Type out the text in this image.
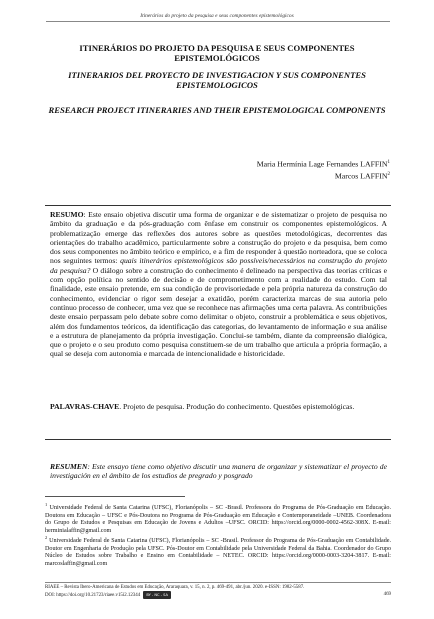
Itinerários do projeto da pesquisa e seus componentes epistemológicos
ITINERÁRIOS DO PROJETO DA PESQUISA E SEUS COMPONENTES EPISTEMOLÓGICOS
ITINERARIOS DEL PROYECTO DE INVESTIGACION Y SUS COMPONENTES EPISTEMOLOGICOS
RESEARCH PROJECT ITINERARIES AND THEIR EPISTEMOLOGICAL COMPONENTS
Maria Hermínia Lage Fernandes LAFFIN$^1$
Marcos LAFFIN$^2$
RESUMO: Este ensaio objetiva discutir uma forma de organizar e de sistematizar o projeto de pesquisa no âmbito da graduação e da pós-graduação com ênfase em construir os componentes epistemológicos. A problematização emerge das reflexões dos autores sobre as questões metodológicas, decorrentes das orientações do trabalho acadêmico, particularmente sobre a construção do projeto e da pesquisa, bem como dos seus componentes no âmbito teórico e empírico, e a fim de responder à questão norteadora, que se coloca nos seguintes termos: quais itinerários epistemológicos são possíveis/necessários na construção do projeto da pesquisa? O diálogo sobre a construção do conhecimento é delineado na perspectiva das teorias críticas e com opção política no sentido de decisão e de comprometimento com a realidade do estudo. Com tal finalidade, este ensaio pretende, em sua condição de provisoriedade e pela própria natureza da construção do conhecimento, evidenciar o rigor sem desejar a exatidão, porém caracteriza marcas de sua autoria pelo contínuo processo de conhecer, uma vez que se reconhece nas afirmações uma certa palavra. As contribuições deste ensaio perpassam pelo debate sobre como delimitar o objeto, construir a problemática e seus objetivos, além dos fundamentos teóricos, da identificação das categorias, do levantamento de informação e sua análise e a estrutura de planejamento da própria investigação. Conclui-se também, diante da compreensão dialógica, que o projeto e o seu produto como pesquisa constituem-se de um trabalho que articula a própria formação, a qual se deseja com autonomia e marcada de intencionalidade e historicidade.
PALAVRAS-CHAVE. Projeto de pesquisa. Produção do conhecimento. Questões epistemológicas.
RESUMEN: Este ensayo tiene como objetivo discutir una manera de organizar y sistematizar el proyecto de investigación en el ámbito de los estudios de pregrado y posgrado
$^1$ Universidade Federal de Santa Catarina (UFSC), Florianópolis – SC -Brasil. Professora do Programa de Pós-Graduação em Educação. Doutora em Educação – UFSC e Pós-Doutora no Programa de Pós-Graduação em Educação e Contemporaneidade –UNEB. Coordenadora do Grupo de Estudos e Pesquisas em Educação de Jovens e Adultos –UFSC. ORCID: https://orcid.org/0000-0002-4562-308X. E-mail: herminialaffin@gmail.com
$^2$ Universidade Federal de Santa Catarina (UFSC), Florianópolis – SC -Brasil. Professor do Programa de Pós-Graduação em Contabilidade. Doutor em Engenharia de Produção pela UFSC. Pós-Doutor em Contabilidade pela Universidade Federal da Bahia. Coordenador do Grupo Núcleo de Estudos sobre Trabalho e Ensino em Contabilidade – NETEC. ORCID: https://orcid.org/0000-0003-3204-3817. E-mail: marcoslaffin@gmail.com
RIAEE – Revista Ibero-Americana de Estudos em Educação, Araraquara, v. 15, n. 2, p. 469-491, abr./jun. 2020. e-ISSN: 1982-5587.
DOI: https://doi.org/10.21723/riaee.v15i2.12344 BY - NC - SA	469
